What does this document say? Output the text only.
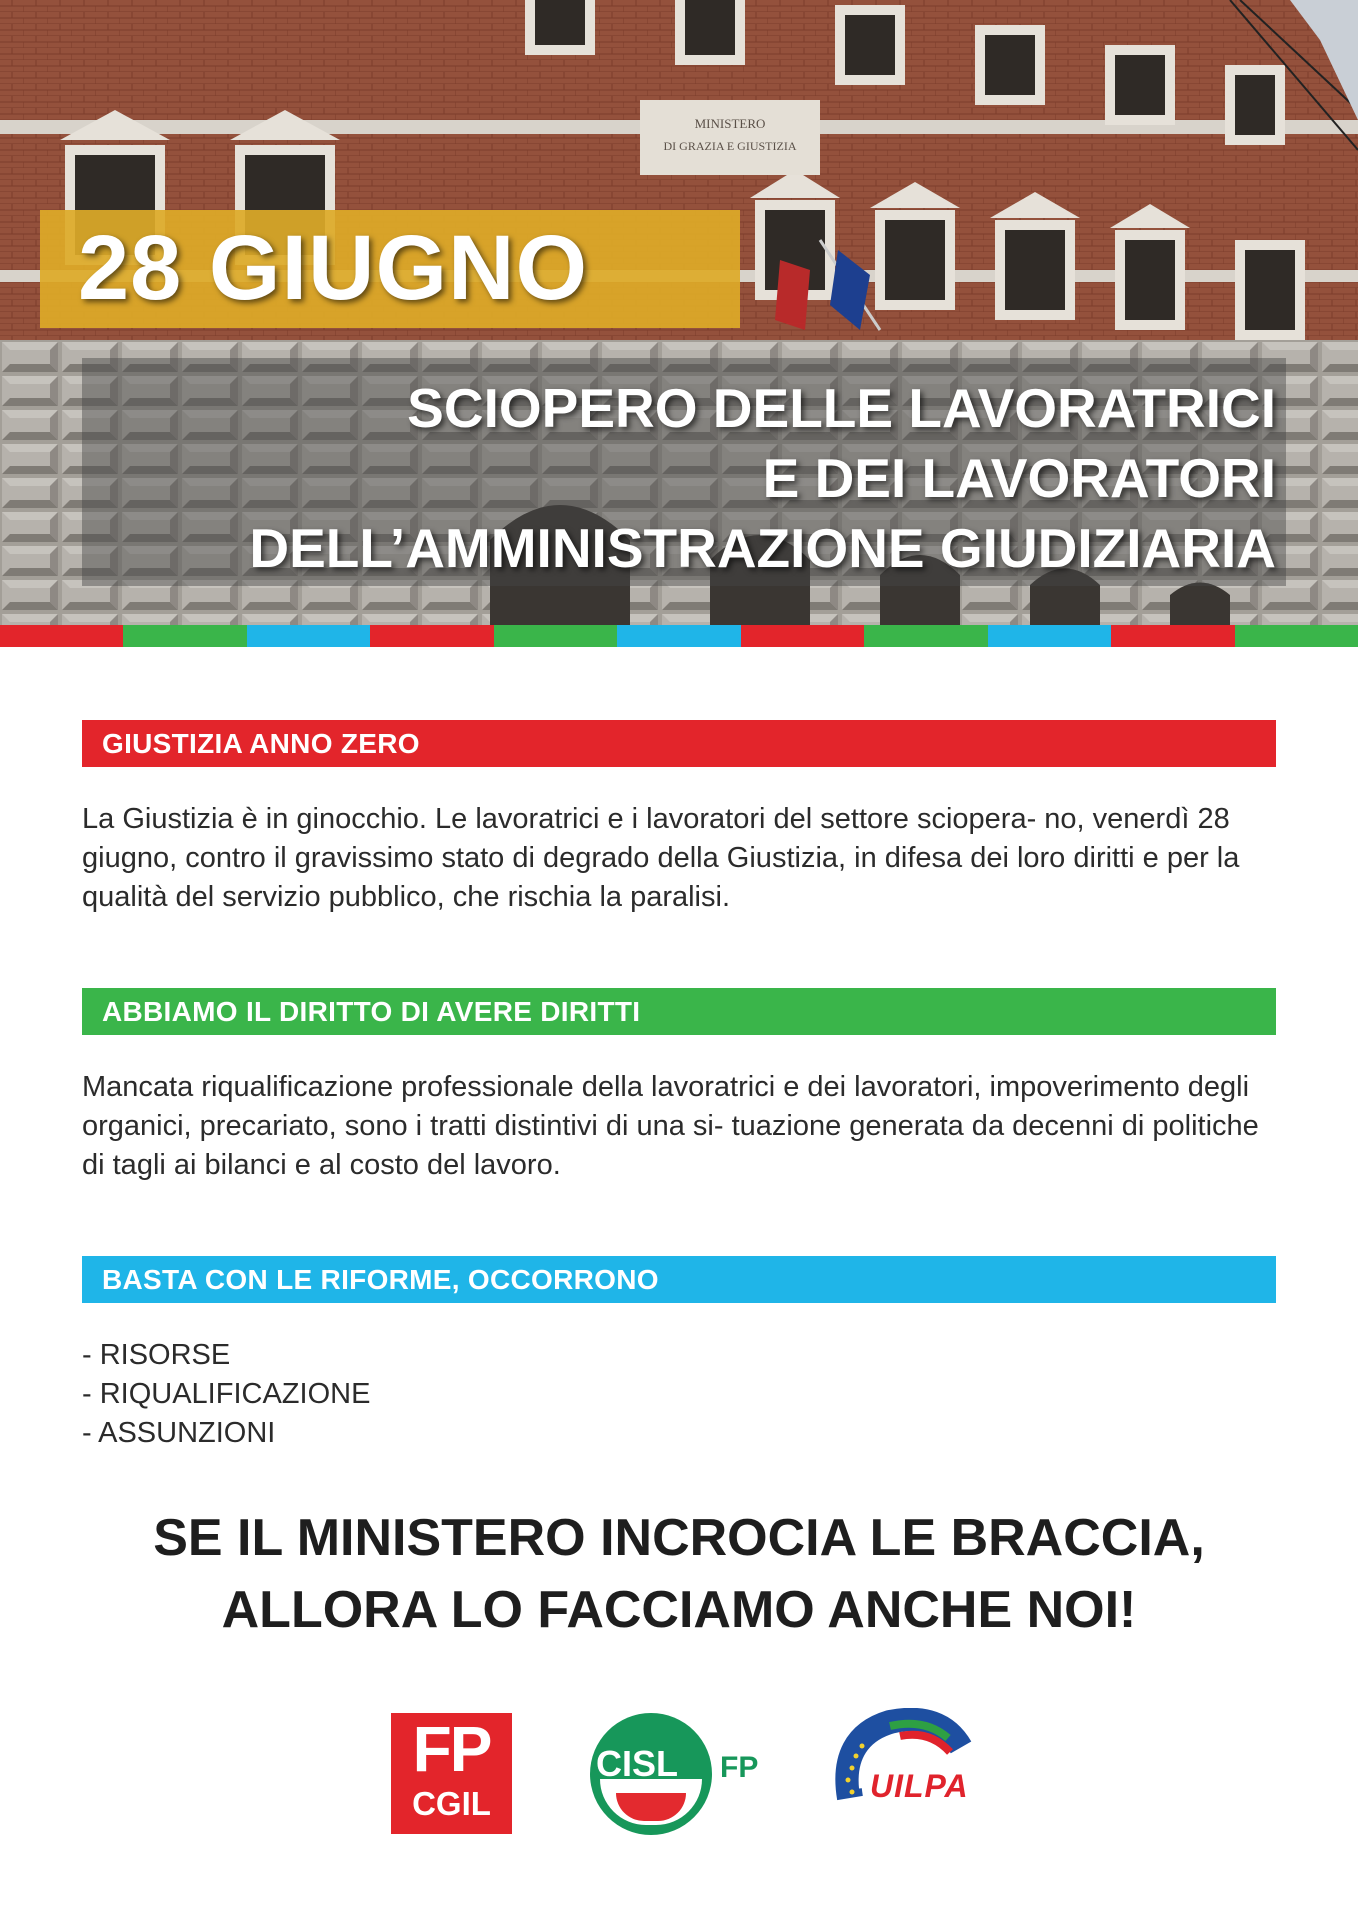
MINISTERO
DI GRAZIA E GIUSTIZIA
28 GIUGNO
SCIOPERO DELLE LAVORATRICI
E DEI LAVORATORI
DELL’AMMINISTRAZIONE GIUDIZIARIA
GIUSTIZIA ANNO ZERO

La Giustizia è in ginocchio. Le lavoratrici e i lavoratori del settore sciopera- no, venerdì 28 giugno, contro il gravissimo stato di degrado della Giustizia, in difesa dei loro diritti e per la qualità del servizio pubblico, che rischia la paralisi.

ABBIAMO IL DIRITTO DI AVERE DIRITTI

Mancata riqualificazione professionale della lavoratrici e dei lavoratori, impoverimento degli organici, precariato, sono i tratti distintivi di una si- tuazione generata da decenni di politiche di tagli ai bilanci e al costo del lavoro.

BASTA CON LE RIFORME, OCCORRONO
- RISORSE
- RIQUALIFICAZIONE
- ASSUNZIONI
SE IL MINISTERO INCROCIA LE BRACCIA,
ALLORA LO FACCIAMO ANCHE NOI!
FP
CGIL
CISL FP
UILPA
